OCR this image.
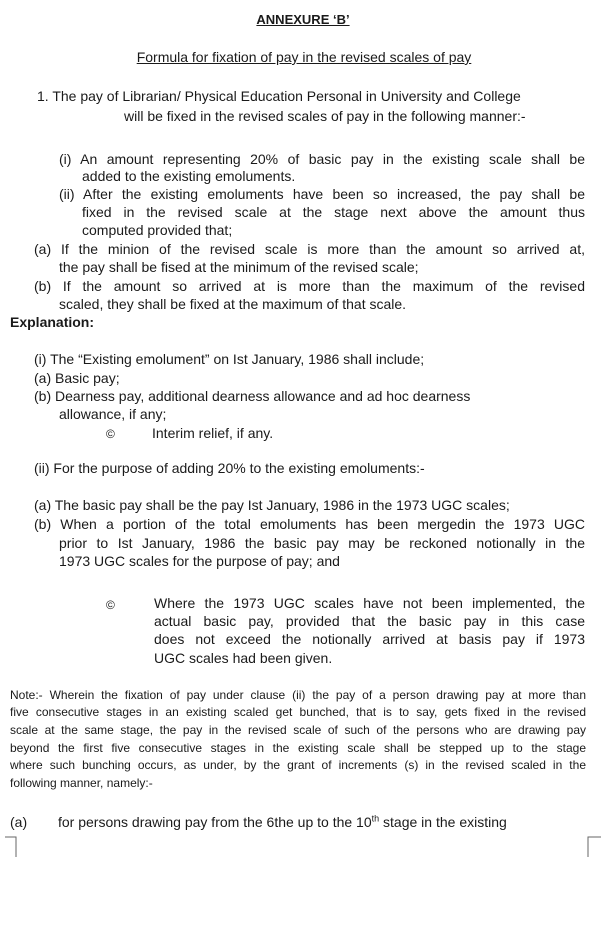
ANNEXURE ‘B’
Formula for fixation of pay in the revised scales of pay
1. The pay of Librarian/ Physical Education Personal in University and College
will be fixed in the revised scales of pay in the following manner:-
(i) An amount representing 20% of basic pay in the existing scale shall be
added to the existing emoluments.
(ii) After the existing emoluments have been so increased, the pay shall be
fixed in the revised scale at the stage next above the amount thus
computed provided that;
(a) If the minion of the revised scale is more than the amount so arrived at,
the pay shall be fised at the minimum of the revised scale;
(b) If the amount so arrived at is more than the maximum of the revised
scaled, they shall be fixed at the maximum of that scale.
Explanation:
(i) The “Existing emolument” on Ist January, 1986 shall include;
(a) Basic pay;
(b) Dearness pay, additional dearness allowance and ad hoc dearness
allowance, if any;
©	Interim relief, if any.
(ii) For the purpose of adding 20% to the existing emoluments:-
(a) The basic pay shall be the pay Ist January, 1986 in the 1973 UGC scales;
(b) When a portion of the total emoluments has been mergedin the 1973 UGC
prior to Ist January, 1986 the basic pay may be reckoned notionally in the
1973 UGC scales for the purpose of pay; and
©	Where the 1973 UGC scales have not been implemented, the
actual basic pay, provided that the basic pay in this case
does not exceed the notionally arrived at basis pay if 1973
UGC scales had been given.
Note:- Wherein the fixation of pay under clause (ii) the pay of a person drawing pay at more than
five consecutive stages in an existing scaled get bunched, that is to say, gets fixed in the revised
scale at the same stage, the pay in the revised scale of such of the persons who are drawing pay
beyond the first five consecutive stages in the existing scale shall be stepped up to the stage
where such bunching occurs, as under, by the grant of increments (s) in the revised scaled in the
following manner, namely:-
(a) for persons drawing pay from the 6the up to the 10th stage in the existing
